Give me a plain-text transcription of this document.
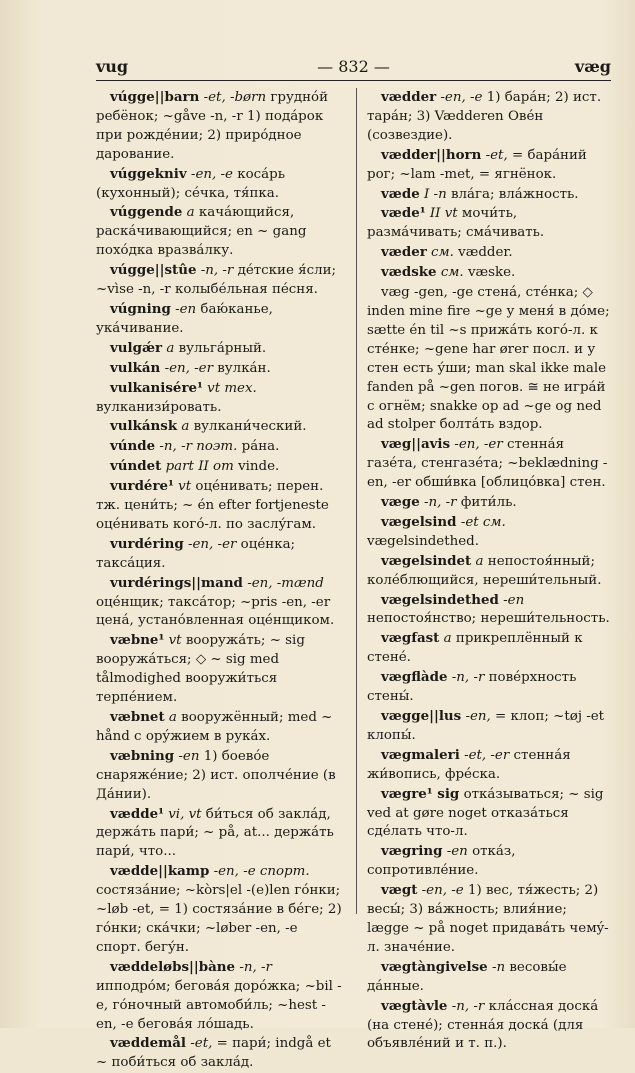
vug	— 832 —	væg

vúgge||barn -et, -børn груднóй ребёнок; ~gåve -n, -r 1) подáрок при рождéнии; 2) прирóдное дарование.

vúggekniv -en, -e косáрь (кухонный); сéчка, тя́пка.

vúggende a качáющийся, раскáчивающийся; en ~ gang поxóдка вразвáлку.

vúgge||stûe -n, -r дéтские я́сли; ~vìse -n, -r колыбéльная пéсня.

vúgning -en баю́канье, укáчивание.

vulgǽr a вульгáрный.

vulkán -en, -er вулкáн.

vulkanisére¹ vt mex. вулканизи́ровать.

vulkánsk a вулкани́ческий.

vúnde -n, -r поэт. рáна.

vúndet part II om vinde.

vurdére¹ vt оцéнивать; перен. тж. цени́ть; ~ én efter fortjeneste оцéнивать когó-л. по заслу́гам.

vurdéring -en, -er оцéнка; таксáция.

vurdérings||mand -en, -mænd оцéнщик; таксáтор; ~pris -en, -er ценá, устанóвленная оцéнщиком.

væbne¹ vt вооружáть; ~ sig вооружáться; ◇ ~ sig med tålmodighed вооружи́ться терпéнием.

væbnet a вооружённый; med ~ hånd с орýжием в рукáх.

væbning -en 1) боевóе снаряжéние; 2) ист. ополчéние (в Дáнии).

vædde¹ vi, vt би́ться об заклáд, держáть пари́; ~ på, at... держáть пари́, что...

vædde||kamp -en, -e спорт. состязáние; ~kòrs|el -(e)len гóнки; ~løb -et, = 1) состязáние в бéге; 2) гóнки; скáчки; ~løber -en, -e спорт. бегу́н.

væddeløbs||bàne -n, -r ипподрóм; беговáя дорóжка; ~bil -e, гóночный автомоби́ль; ~hest -en, -e беговáя лóшадь.

væddemål -et, = пари́; indgå et ~ поби́ться об заклáд.

vædder -en, -e 1) барáн; 2) ист. тарáн; 3) Vædderen Овéн (созвездие).

vædder||horn -et, = барáний рог; ~lam -met, = ягнёнок.

væde I -n влáга; влáжность.

væde¹ II vt мочи́ть, размáчивать; смáчивать.

væder см. vædder.

vædske см. væske.

væg -gen, -ge стенá, стéнка; ◇ inden mine fire ~ge у меня́ в дóме; sætte én til ~s прижáть когó-л. к стéнке; ~gene har ører посл. и у стен есть у́ши; man skal ikke male fanden på ~gen погов. ≅ не игрáй с огнём; snakke op ad ~ge og ned ad stolper болтáть вздор.

væg||avis -en, -er стеннáя газéта, стенгазéта; ~beklædning -en, -er обши́вка [облицóвка] стен.

væge -n, -r фити́ль.

vægelsind -et см. vægelsindethed.

vægelsindet a непостоя́нный; колéблющийся, нереши́тельный.

vægelsindethed -en непостоя́нство; нереши́тельность.

vægfast a прикреплённый к стенé.

vægflàde -n, -r повéрхность стены́.

vægge||lus -en, = клоп; ~tøj -et клопы́.

vægmaleri -et, -er стеннáя жи́вопись, фрéска.

vægre¹ sig откáзываться; ~ sig ved at gøre noget отказáться сдéлать что-л.

vægring -en откáз, сопротивлéние.

vægt -en, -e 1) вес, тя́жесть; 2) весы́; 3) вáжность; влия́ние; lægge ~ på noget придавáть чемý-л. значéние.

vægtàngivelse -n весовы́е дáнные.

vægtàvle -n, -r клáссная доскá (на стенé); стеннáя доскá (для объявлéний и т. п.).
